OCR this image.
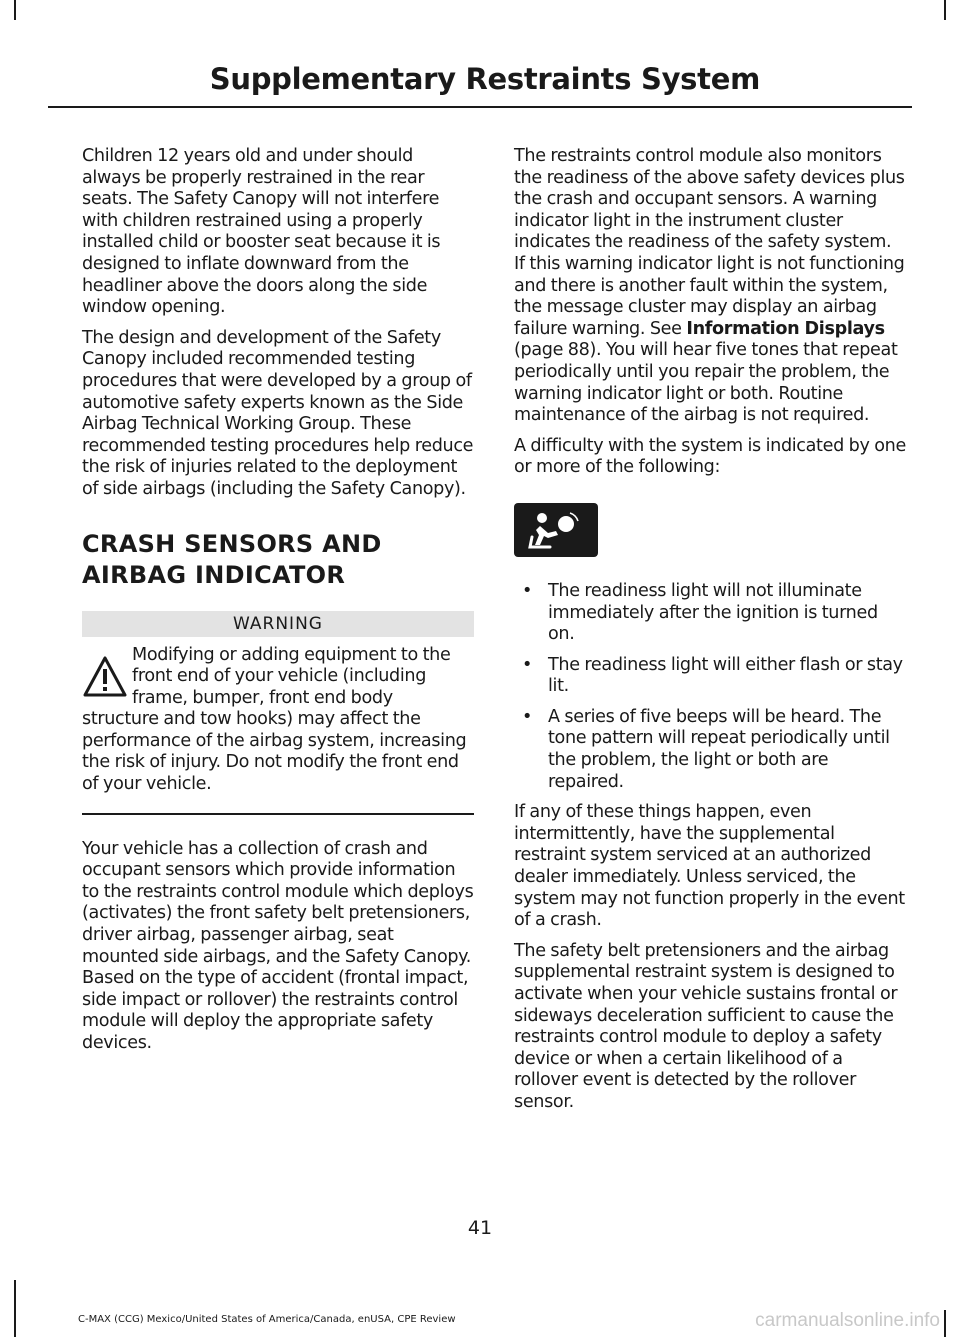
Supplementary Restraints System

Children 12 years old and under should always be properly restrained in the rear seats. The Safety Canopy will not interfere with children restrained using a properly installed child or booster seat because it is designed to inflate downward from the headliner above the doors along the side window opening.

The design and development of the Safety Canopy included recommended testing procedures that were developed by a group of automotive safety experts known as the Side Airbag Technical Working Group. These recommended testing procedures help reduce the risk of injuries related to the deployment of side airbags (including the Safety Canopy).

CRASH SENSORS AND
AIRBAG INDICATOR
WARNING

Modifying or adding equipment to the front end of your vehicle (including frame, bumper, front end body structure and tow hooks) may affect the performance of the airbag system, increasing the risk of injury. Do not modify the front end of your vehicle.

Your vehicle has a collection of crash and occupant sensors which provide information to the restraints control module which deploys (activates) the front safety belt pretensioners, driver airbag, passenger airbag, seat mounted side airbags, and the Safety Canopy. Based on the type of accident (frontal impact, side impact or rollover) the restraints control module will deploy the appropriate safety devices.

The restraints control module also monitors the readiness of the above safety devices plus the crash and occupant sensors. A warning indicator light in the instrument cluster indicates the readiness of the safety system. If this warning indicator light is not functioning and there is another fault within the system, the message cluster may display an airbag failure warning. See Information Displays (page 88). You will hear five tones that repeat periodically until you repair the problem, the warning indicator light or both. Routine maintenance of the airbag is not required.

A difficulty with the system is indicated by one or more of the following:

• The readiness light will not illuminate immediately after the ignition is turned on.
• The readiness light will either flash or stay lit.
• A series of five beeps will be heard. The tone pattern will repeat periodically until the problem, the light or both are repaired.

If any of these things happen, even intermittently, have the supplemental restraint system serviced at an authorized dealer immediately. Unless serviced, the system may not function properly in the event of a crash.

The safety belt pretensioners and the airbag supplemental restraint system is designed to activate when your vehicle sustains frontal or sideways deceleration sufficient to cause the restraints control module to deploy a safety device or when a certain likelihood of a rollover event is detected by the rollover sensor.

41
C-MAX (CCG) Mexico/United States of America/Canada, enUSA, CPE Review	carmanualsonline.info
